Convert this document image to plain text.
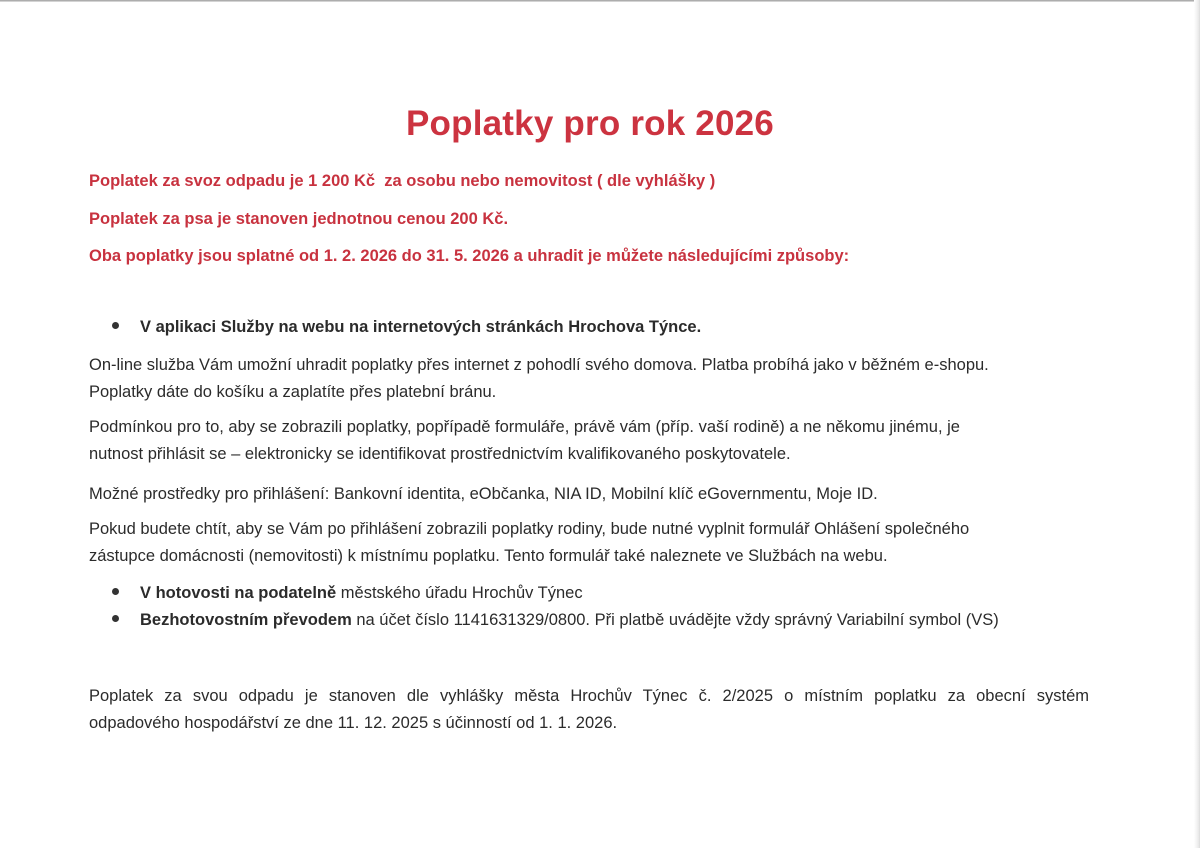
Poplatky pro rok 2026
Poplatek za svoz odpadu je 1 200 Kč  za osobu nebo nemovitost ( dle vyhlášky )
Poplatek za psa je stanoven jednotnou cenou 200 Kč.
Oba poplatky jsou splatné od 1. 2. 2026 do 31. 5. 2026 a uhradit je můžete následujícími způsoby:
V aplikaci Služby na webu na internetových stránkách Hrochova Týnce.
On-line služba Vám umožní uhradit poplatky přes internet z pohodlí svého domova. Platba probíhá jako v běžném e-shopu.
Poplatky dáte do košíku a zaplatíte přes platební bránu.
Podmínkou pro to, aby se zobrazili poplatky, popřípadě formuláře, právě vám (příp. vaší rodině) a ne někomu jinému, je
nutnost přihlásit se – elektronicky se identifikovat prostřednictvím kvalifikovaného poskytovatele.
Možné prostředky pro přihlášení: Bankovní identita, eObčanka, NIA ID, Mobilní klíč eGovernmentu, Moje ID.
Pokud budete chtít, aby se Vám po přihlášení zobrazili poplatky rodiny, bude nutné vyplnit formulář Ohlášení společného
zástupce domácnosti (nemovitosti) k místnímu poplatku. Tento formulář také naleznete ve Službách na webu.
V hotovosti na podatelně městského úřadu Hrochův Týnec
Bezhotovostním převodem na účet číslo 1141631329/0800. Při platbě uvádějte vždy správný Variabilní symbol (VS)
Poplatek za svou odpadu je stanoven dle vyhlášky města Hrochův Týnec č. 2/2025 o místním poplatku za obecní systém
odpadového hospodářství ze dne 11. 12. 2025 s účinností od 1. 1. 2026.
